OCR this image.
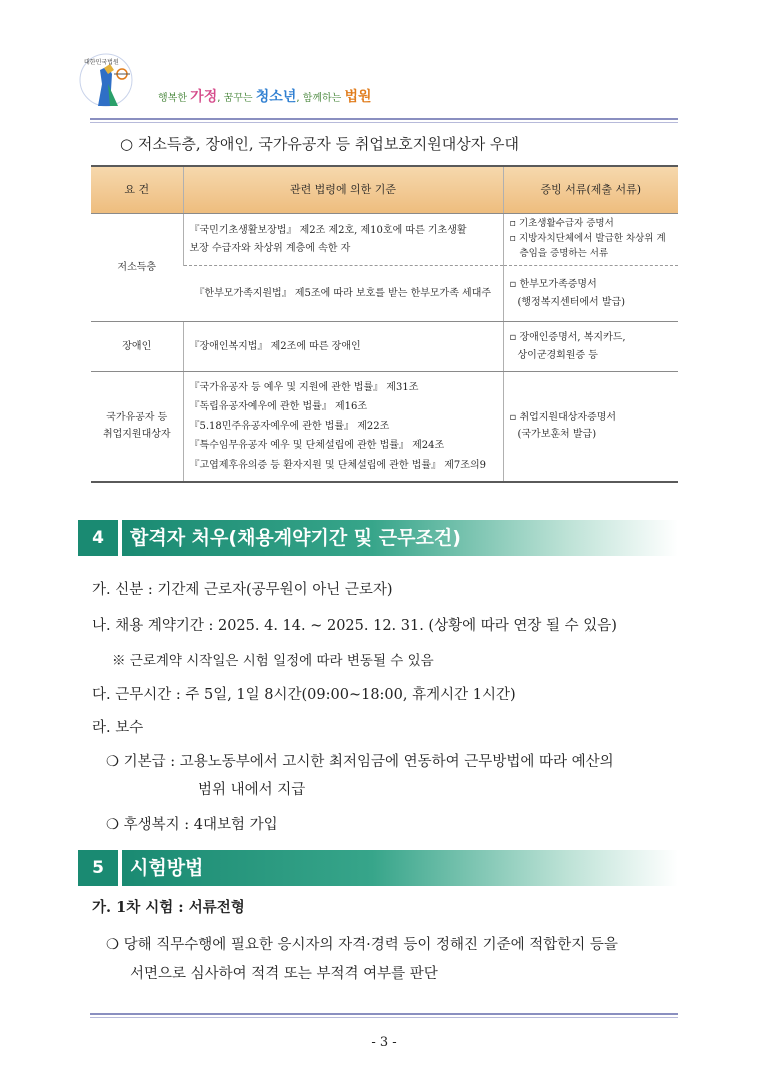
대한민국법원
행복한 가정, 꿈꾸는 청소년, 함께하는 법원
○ 저소득층, 장애인, 국가유공자 등 취업보호지원대상자 우대
요 건	관련 법령에 의한 기준	증빙 서류(제출 서류)
저소득층	『국민기초생활보장법』 제2조 제2호, 제10호에 따른 기초생활
보장 수급자와 차상위 계층에 속한 자	▫ 기초생활수급자 증명서
▫ 지방자치단체에서 발급한 차상위 계층임을 증명하는 서류

	『한부모가족지원법』 제5조에 따라 보호를 받는 한부모가족 세대주	▫ 한부모가족증명서
(행정복지센터에서 발급)

장애인	『장애인복지법』 제2조에 따른 장애인	▫ 장애인증명서, 복지카드,
상이군경회원증 등

국가유공자 등
취업지원대상자	『국가유공자 등 예우 및 지원에 관한 법률』 제31조
『독립유공자예우에 관한 법률』 제16조
『5.18민주유공자예우에 관한 법률』 제22조
『특수임무유공자 예우 및 단체설립에 관한 법률』 제24조
『고엽제후유의증 등 환자지원 및 단체설립에 관한 법률』 제7조의9	▫ 취업지원대상자증명서
(국가보훈처 발급)
4	합격자 처우(채용계약기간 및 근무조건)
가. 신분 : 기간제 근로자(공무원이 아닌 근로자)
나. 채용 계약기간 : 2025. 4. 14. ~ 2025. 12. 31. (상황에 따라 연장 될 수 있음)
※ 근로계약 시작일은 시험 일정에 따라 변동될 수 있음
다. 근무시간 : 주 5일, 1일 8시간(09:00~18:00, 휴게시간 1시간)
라. 보수
❍ 기본급 : 고용노동부에서 고시한 최저임금에 연동하여 근무방법에 따라 예산의
범위 내에서 지급
❍ 후생복지 : 4대보험 가입
5	시험방법
가. 1차 시험 : 서류전형
❍ 당해 직무수행에 필요한 응시자의 자격·경력 등이 정해진 기준에 적합한지 등을
서면으로 심사하여 적격 또는 부적격 여부를 판단
- 3 -
